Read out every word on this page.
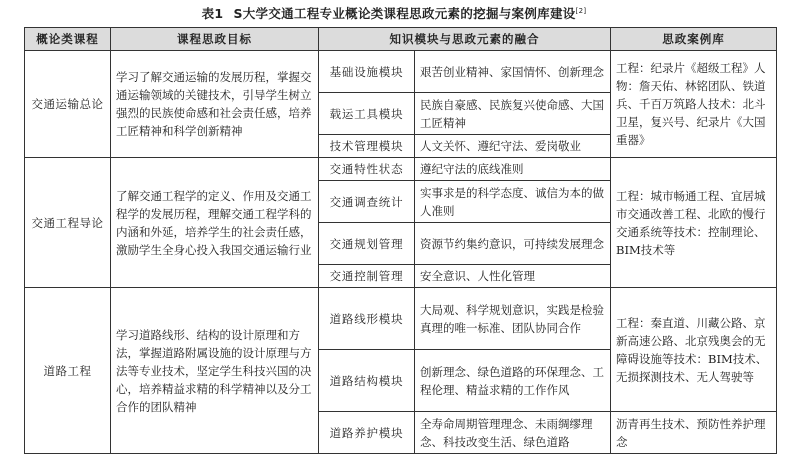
表1 S大学交通工程专业概论类课程思政元素的挖掘与案例库建设[2]
概论类课程	课程思政目标	知识模块与思政元素的融合		思政案例库
交通运输总论	学习了解交通运输的发展历程，掌握交通运输领域的关键技术，引导学生树立强烈的民族使命感和社会责任感，培养工匠精神和科学创新精神	基础设施模块	艰苦创业精神、家国情怀、创新理念	工程：纪录片《超级工程》人物：詹天佑、林铭团队、铁道兵、千百万筑路人技术：北斗卫星，复兴号、纪录片《大国重器》
		载运工具模块	民族自豪感、民族复兴使命感、大国工匠精神	
		技术管理模块	人文关怀、遵纪守法、爱岗敬业	
交通工程导论	了解交通工程学的定义、作用及交通工程学的发展历程，理解交通工程学科的内涵和外延，培养学生的社会责任感，激励学生全身心投入我国交通运输行业	交通特性状态	遵纪守法的底线准则	工程：城市畅通工程、宜居城市交通改善工程、北欧的慢行交通系统等技术：控制理论、BIM技术等
		交通调查统计	实事求是的科学态度、诚信为本的做人准则	
		交通规划管理	资源节约集约意识，可持续发展理念	
		交通控制管理	安全意识、人性化管理	
道路工程	学习道路线形、结构的设计原理和方法，掌握道路附属设施的设计原理与方法等专业技术，坚定学生科技兴国的决心，培养精益求精的科学精神以及分工合作的团队精神	道路线形模块	大局观、科学规划意识，实践是检验真理的唯一标准、团队协同合作	工程：秦直道、川藏公路、京新高速公路、北京残奥会的无障碍设施等技术：BIM技术、无损探测技术、无人驾驶等
		道路结构模块	创新理念、绿色道路的环保理念、工程伦理、精益求精的工作作风	
		道路养护模块	全寿命周期管理理念、未雨绸缪理念、科技改变生活、绿色道路	沥青再生技术、预防性养护理念
